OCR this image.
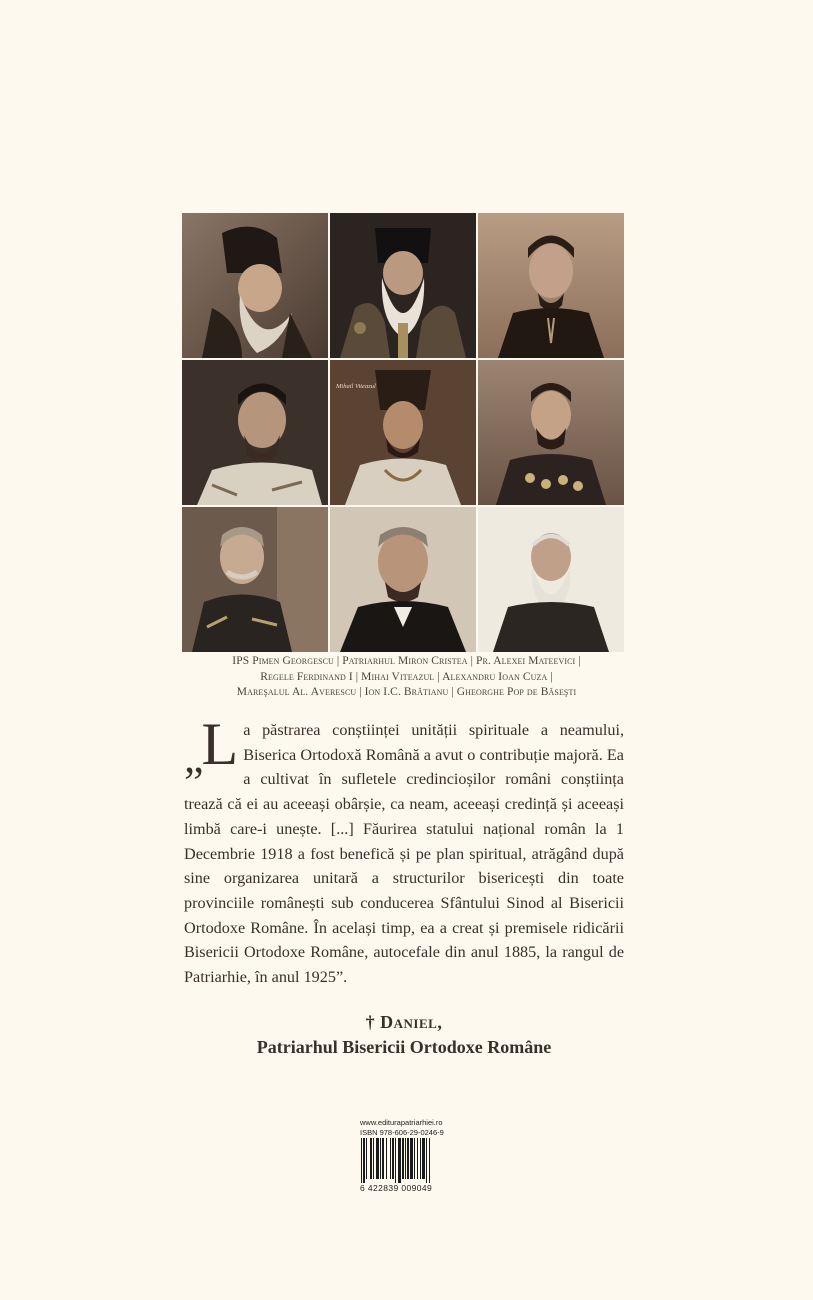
Mihail Viteazul
IPS Pimen Georgescu | Patriarhul Miron Cristea | Pr. Alexei Mateevici |
Regele Ferdinand I | Mihai Viteazul | Alexandru Ioan Cuza |
Mareşalul Al. Averescu | Ion I.C. Brătianu | Gheorghe Pop de Băseşti
„L a păstrarea conștiinței unității spirituale a neamului, Biserica Ortodoxă Română a avut o contribuție majoră. Ea a cultivat în sufletele credincioșilor români conștiința trează că ei au aceeași obârșie, ca neam, aceeași credință și aceeași limbă care-i unește. [...] Făurirea statului național român la 1 Decembrie 1918 a fost benefică și pe plan spiritual, atrăgând după sine organizarea unitară a structurilor bisericești din toate provinciile românești sub conducerea Sfântului Sinod al Bisericii Ortodoxe Române. În același timp, ea a creat și premisele ridicării Bisericii Ortodoxe Române, autocefale din anul 1885, la rangul de Patriarhie, în anul 1925”.
† Daniel,
Patriarhul Bisericii Ortodoxe Române
www.editurapatriarhiei.ro
ISBN 978-606-29-0246-9
6 422839 009049
